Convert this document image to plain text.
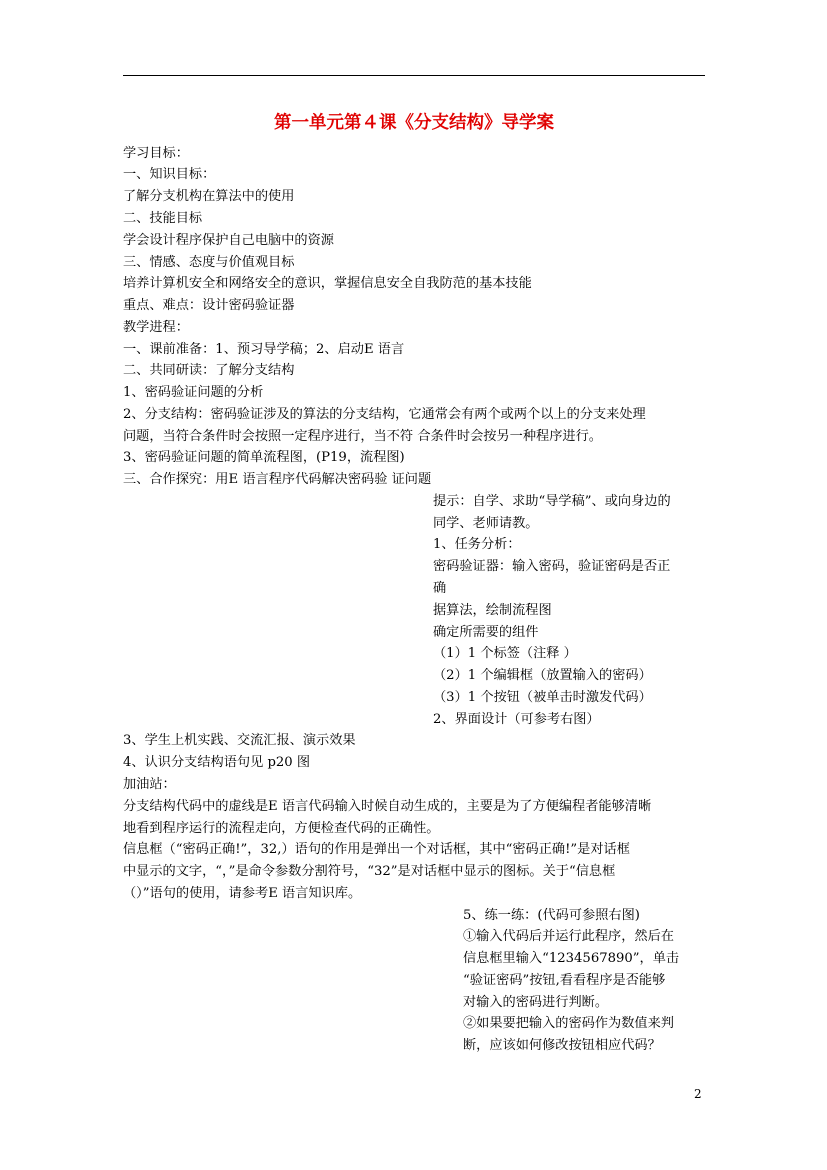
第一单元第４课《分支结构》导学案
学习目标：
一、知识目标：
了解分支机构在算法中的使用
二、技能目标
学会设计程序保护自己电脑中的资源
三、情感、态度与价值观目标
培养计算机安全和网络安全的意识，掌握信息安全自我防范的基本技能
重点、难点：设计密码验证器
教学进程：
一、课前准备：1、预习导学稿；2、启动E 语言
二、共同研读：了解分支结构
1、密码验证问题的分析
2、分支结构：密码验证涉及的算法的分支结构，它通常会有两个或两个以上的分支来处理
问题，当符合条件时会按照一定程序进行，当不符 合条件时会按另一种程序进行。
3、密码验证问题的简单流程图，(P19，流程图)
三、合作探究：用E 语言程序代码解决密码验 证问题
提示：自学、求助“导学稿”、或向身边的
同学、老师请教。
1、任务分析：
密码验证器：输入密码，验证密码是否正
确
据算法，绘制流程图
确定所需要的组件
（1）1 个标签（注释 ）
（2）1 个编辑框（放置输入的密码）
（3）1 个按钮（被单击时激发代码）
2、界面设计（可参考右图）
3、学生上机实践、交流汇报、演示效果
4、认识分支结构语句见 p20 图
加油站：
分支结构代码中的虚线是E 语言代码输入时候自动生成的，主要是为了方便编程者能够清晰
地看到程序运行的流程走向，方便检查代码的正确性。
信息框（“密码正确!”，32,）语句的作用是弹出一个对话框，其中“密码正确!”是对话框
中显示的文字，“，”是命令参数分割符号，“32”是对话框中显示的图标。关于“信息框
（）”语句的使用，请参考E 语言知识库。
5、练一练：(代码可参照右图)
①输入代码后并运行此程序，然后在
信息框里输入“1234567890”，单击
“验证密码”按钮,看看程序是否能够
对输入的密码进行判断。
②如果要把输入的密码作为数值来判
断，应该如何修改按钮相应代码？
2
